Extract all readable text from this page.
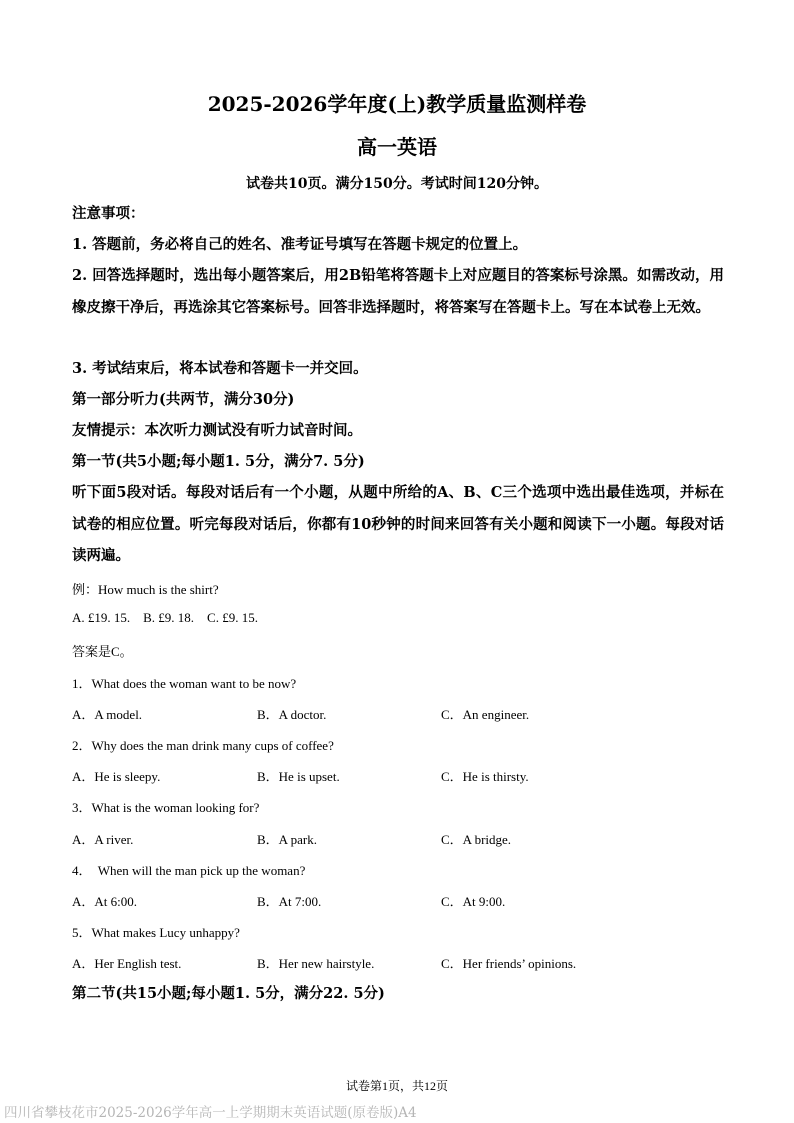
2025-2026学年度(上)教学质量监测样卷
高一英语
试卷共10页。满分150分。考试时间120分钟。
注意事项：
1. 答题前，务必将自己的姓名、准考证号填写在答题卡规定的位置上。
2. 回答选择题时，选出每小题答案后，用2B铅笔将答题卡上对应题目的答案标号涂黑。如需改动，用橡皮擦干净后，再选涂其它答案标号。回答非选择题时，将答案写在答题卡上。写在本试卷上无效。
3. 考试结束后，将本试卷和答题卡一并交回。
第一部分听力(共两节，满分30分)
友情提示：本次听力测试没有听力试音时间。
第一节(共5小题;每小题1. 5分，满分7. 5分)
听下面5段对话。每段对话后有一个小题，从题中所给的A、B、C三个选项中选出最佳选项，并标在试卷的相应位置。听完每段对话后，你都有10秒钟的时间来回答有关小题和阅读下一小题。每段对话读两遍。
例：How much is the shirt?
A. £19. 15.    B. £9. 18.    C. £9. 15.
答案是C。
1．What does the woman want to be now?
A．A model.	B．A doctor.	C．An engineer.
2．Why does the man drink many cups of coffee?
A．He is sleepy.	B．He is upset.	C．He is thirsty.
3．What is the woman looking for?
A．A river.	B．A park.	C．A bridge.
4．  When will the man pick up the woman?
A．At 6:00.	B．At 7:00.	C．At 9:00.
5．What makes Lucy unhappy?
A．Her English test.	B．Her new hairstyle.	C．Her friends’ opinions.
第二节(共15小题;每小题1. 5分，满分22. 5分)
试卷第1页，共12页
四川省攀枝花市2025-2026学年高一上学期期末英语试题(原卷版)A4
